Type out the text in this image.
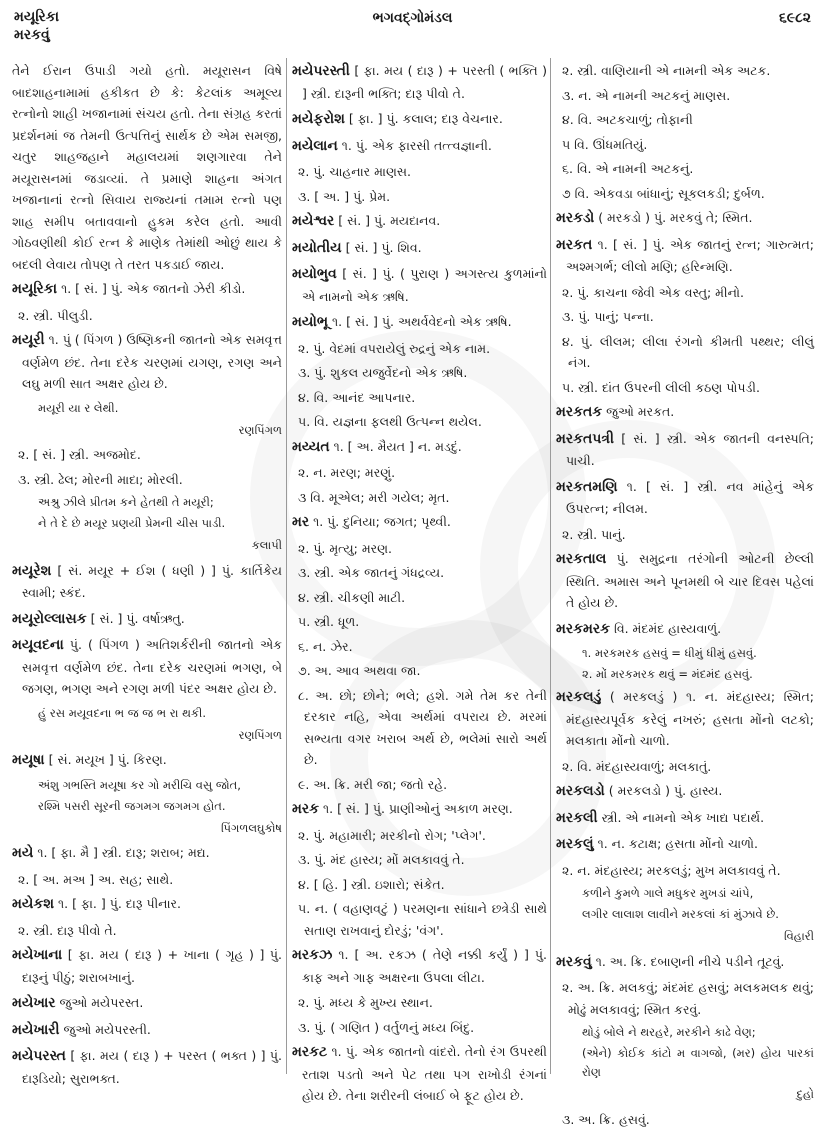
મયૂરિકા
મરકવું
ભગવદ્ગોમંડલ	૬૯૮૨
તેને ઈરાન ઉપાડી ગયો હતો. મયૂરાસન વિષે બાદશાહનામામાં હકીકત છે કે: કેટલાંક અમૂલ્ય રત્નોનો શાહી ખજાનામાં સંચય હતો. તેના સંગ્રહ કરતાં પ્રદર્શનમાં જ તેમની ઉત્પત્તિનું સાર્થક છે એમ સમજી, ચતુર શાહજહાને મહાલયમાં શણગારવા તેને મયૂરાસનમાં જડાવ્યાં. તે પ્રમાણે શાહના અંગત ખજાનાનાં રત્નો સિવાય રાજ્યનાં તમામ રત્નો પણ શાહ સમીપ બતાવવાનો હુકમ કરેલ હતો. આવી ગોઠવણીથી કોઈ રત્ન કે માણેક તેમાંથી ઓછું થાય કે બદલી લેવાય તોપણ તે તરત પકડાઈ જાય.
મયૂરિકા ૧. [ સં. ] પું. એક જાતનો ઝેરી કીડો.
૨. સ્ત્રી. પીલુડી.
મયૂરી ૧. પું ( પિંગળ ) ઉષ્ણિકની જાતનો એક સમવૃત્ત વર્ણમેળ છંદ. તેના દરેક ચરણમાં યગણ, રગણ અને લઘુ મળી સાત અક્ષર હોય છે.
મયૂરી યા ર લેથી.
રણપિંગળ
૨. [ સં. ] સ્ત્રી. અજમોદ.
૩. સ્ત્રી. ઢેલ; મોરની માદા; મોરલી.
અશ્રુ ઝીલે પ્રીતમ કને હેતથી તે મયૂરી;
ને તે દે છે મયૂર પ્રણયી પ્રેમની ચીસ પાડી.
કલાપી
મયૂરેશ [ સં. મયૂર + ઈશ ( ધણી ) ] પું. કાર્તિકેય સ્વામી; સ્કંદ.
મયૂરોલ્લાસક [ સં. ] પું. વર્ષાઋતુ.
મયૂવદના પું. ( પિંગળ ) અતિશર્કરીની જાતનો એક સમવૃત્ત વર્ણમેળ છંદ. તેના દરેક ચરણમાં ભગણ, બે જગણ, ભગણ અને રગણ મળી પંદર અક્ષર હોય છે.
હું રસ મયૂવદના ભ જ જ ભ રા થકી.
રણપિંગળ
મયૂષા [ સં. મયૂખ ] પું. કિરણ.
અંશુ ગભસ્તિ મયૂષા કર ગો મરીચિ વસુ જોત,
રશ્મિ પસરી સૂરની જગમગ જગમગ હોત.
પિંગળલઘુકોષ
મયે ૧. [ ફા. મૈ ] સ્ત્રી. દારૂ; શરાબ; મદ્ય.
૨. [ અ. મઅ ] અ. સહ; સાથે.
મયેકશ ૧. [ ફા. ] પું. દારૂ પીનાર.
૨. સ્ત્રી. દારૂ પીવો તે.
મયેખાના [ ફા. મય ( દારૂ ) + ખાના ( ગૃહ ) ] પું. દારૂનું પીઠું; શરાબખાનું.
મયેખાર જુઓ મયેપરસ્ત.
મયેખારી જુઓ મયેપરસ્તી.
મયેપરસ્ત [ ફા. મય ( દારૂ ) + પરસ્ત ( ભક્ત ) ] પું. દારૂડિયો; સુરાભક્ત.
મયેપરસ્તી [ ફા. મય ( દારૂ ) + પરસ્તી ( ભક્તિ ) ] સ્ત્રી. દારૂની ભક્તિ; દારૂ પીવો તે.
મયેફરોશ [ ફા. ] પું. કલાલ; દારૂ વેચનાર.
મયેલાન ૧. પું. એક ફારસી તત્ત્વજ્ઞાની.
૨. પું. ચાહનાર માણસ.
૩. [ અ. ] પું. પ્રેમ.
મયેશ્વર [ સં. ] પું. મયદાનવ.
મયોતીય [ સં. ] પું. શિવ.
મયોભુવ [ સં. ] પું. ( પુરાણ ) અગસ્ત્ય કુળમાંનો એ નામનો એક ઋષિ.
મયોભૂ ૧. [ સં. ] પું. અથર્વવેદનો એક ઋષિ.
૨. પું. વેદમાં વપરાયેલું રુદ્રનું એક નામ.
૩. પું. શુકલ યજુર્વેદનો એક ઋષિ.
૪. વિ. આનંદ આપનાર.
૫. વિ. યજ્ઞના ફલથી ઉત્પન્ન થયેલ.
મય્યત ૧. [ અ. મૈયત ] ન. મડદું.
૨. ન. મરણ; મરણું.
૩ વિ. મૂએલ; મરી ગયેલ; મૃત.
મર ૧. પું. દુનિયા; જગત; પૃથ્વી.
૨. પું. મૃત્યુ; મરણ.
૩. સ્ત્રી. એક જાતનું ગંધદ્રવ્ય.
૪. સ્ત્રી. ચીકણી માટી.
૫. સ્ત્રી. ધૂળ.
૬. ન. ઝેર.
૭. અ. આવ અથવા જા.
૮. અ. છો; છોને; ભલે; હશે. ગમે તેમ કર તેની દરકાર નહિ, એવા અર્થમાં વપરાય છે. મરમાં સભ્યતા વગર ખરાબ અર્થ છે, ભલેમાં સારો અર્થ છે.
૯. અ. ક્રિ. મરી જા; જતો રહે.
મરક ૧. [ સં. ] પું. પ્રાણીઓનું અકાળ મરણ.
૨. પું. મહામારી; મરકીનો રોગ; 'પ્લેગ'.
૩. પું. મંદ હાસ્ય; મોં મલકાવવું તે.
૪. [ હિ. ] સ્ત્રી. ઇશારો; સંકેત.
૫. ન. ( વહાણવટું ) પરમણના સાંધાને છત્રેડી સાથે સતાણ રાખવાનું દોરડું; 'વંગ'.
મરકઝ ૧. [ અ. રકઝ ( તેણે નક્કી કર્યું ) ] પું. કાફ અને ગાફ અક્ષરના ઉપલા લીટા.
૨. પું. મધ્ય કે મુખ્ય સ્થાન.
૩. પું. ( ગણિત ) વર્તુળનું મધ્ય બિંદુ.
મરકટ ૧. પું. એક જાતનો વાંદરો. તેનો રંગ ઉપરથી રતાશ પડતો અને પેટ તથા પગ રાખોડી રંગનાં હોય છે. તેના શરીરની લંબાઈ બે ફૂટ હોય છે.
૨. સ્ત્રી. વાણિયાની એ નામની એક અટક.
૩. ન. એ નામની અટકનું માણસ.
૪. વિ. અટકચાળું; તોફાની
૫ વિ. ઊંધમતિયું.
૬. વિ. એ નામની અટકનું.
૭ વિ. એકવડા બાંધાનું; સૂકલકડી; દુર્બળ.
મરકડો ( મરકડો ) પું. મરકવું તે; સ્મિત.
મરકત ૧. [ સં. ] પું. એક જાતનું રત્ન; ગારુત્મત; અશ્મગર્ભ; લીલો મણિ; હરિન્મણિ.
૨. પું. કાચના જેવી એક વસ્તુ; મીનો.
૩. પું. પાનું; પન્ના.
૪. પું. લીલમ; લીલા રંગનો કીમતી પથ્થર; લીલું નંગ.
૫. સ્ત્રી. દાંત ઉપરની લીલી કઠણ પોપડી.
મરકતક જુઓ મરકત.
મરકતપત્રી [ સં. ] સ્ત્રી. એક જાતની વનસ્પતિ; પાચી.
મરકતમણિ ૧. [ સં. ] સ્ત્રી. નવ માંહેનું એક ઉપરત્ન; નીલમ.
૨. સ્ત્રી. પાનું.
મરકતાલ પું. સમુદ્રના તરંગોની ઓટની છેલ્લી સ્થિતિ. અમાસ અને પૂનમથી બે ચાર દિવસ પહેલાં તે હોય છે.
મરકમરક વિ. મંદમંદ હાસ્યવાળું.
૧. મરકમરક હસવું = ધીમું ધીમું હસવું.
૨. મોં મરકમરક થવું = મંદમંદ હસવું.
મરકલડું ( મરકલડું ) ૧. ન. મંદહાસ્ય; સ્મિત; મંદહાસ્યપૂર્વક કરેલું નખરું; હસતા મોંનો લટકો; મલકાતા મોંનો ચાળો.
૨. વિ. મંદહાસ્યવાળું; મલકાતું.
મરકલડો ( મરકલડો ) પું. હાસ્ય.
મરકલી સ્ત્રી. એ નામનો એક ખાદ્ય પદાર્થ.
મરકલું ૧. ન. કટાક્ષ; હસતા મોંનો ચાળો.
૨. ન. મંદહાસ્ય; મરકલડું; મુખ મલકાવવું તે.
કળીને કુમળે ગાલે મધુકર મુખડાં ચાંપે,
લગીર લાલાશ લાવીને મરકલાં કાં મુંઝાવે છે.
વિહારી
મરકવું ૧. અ. ક્રિ. દબાણની નીચે પડીને તૂટવું.
૨. અ. ક્રિ. મલકવું; મંદમંદ હસવું; મલકમલક થવું; મોઢું મલકાવવું; સ્મિત કરવું.
થોડું બોલે ને થરહરે, મરકીને કાઢે વેણ;
(એને) કોઈક કાંટો મ વાગજો, (મર) હોય પારકાં રોણ
દુહો
૩. અ. ક્રિ. હસવું.
